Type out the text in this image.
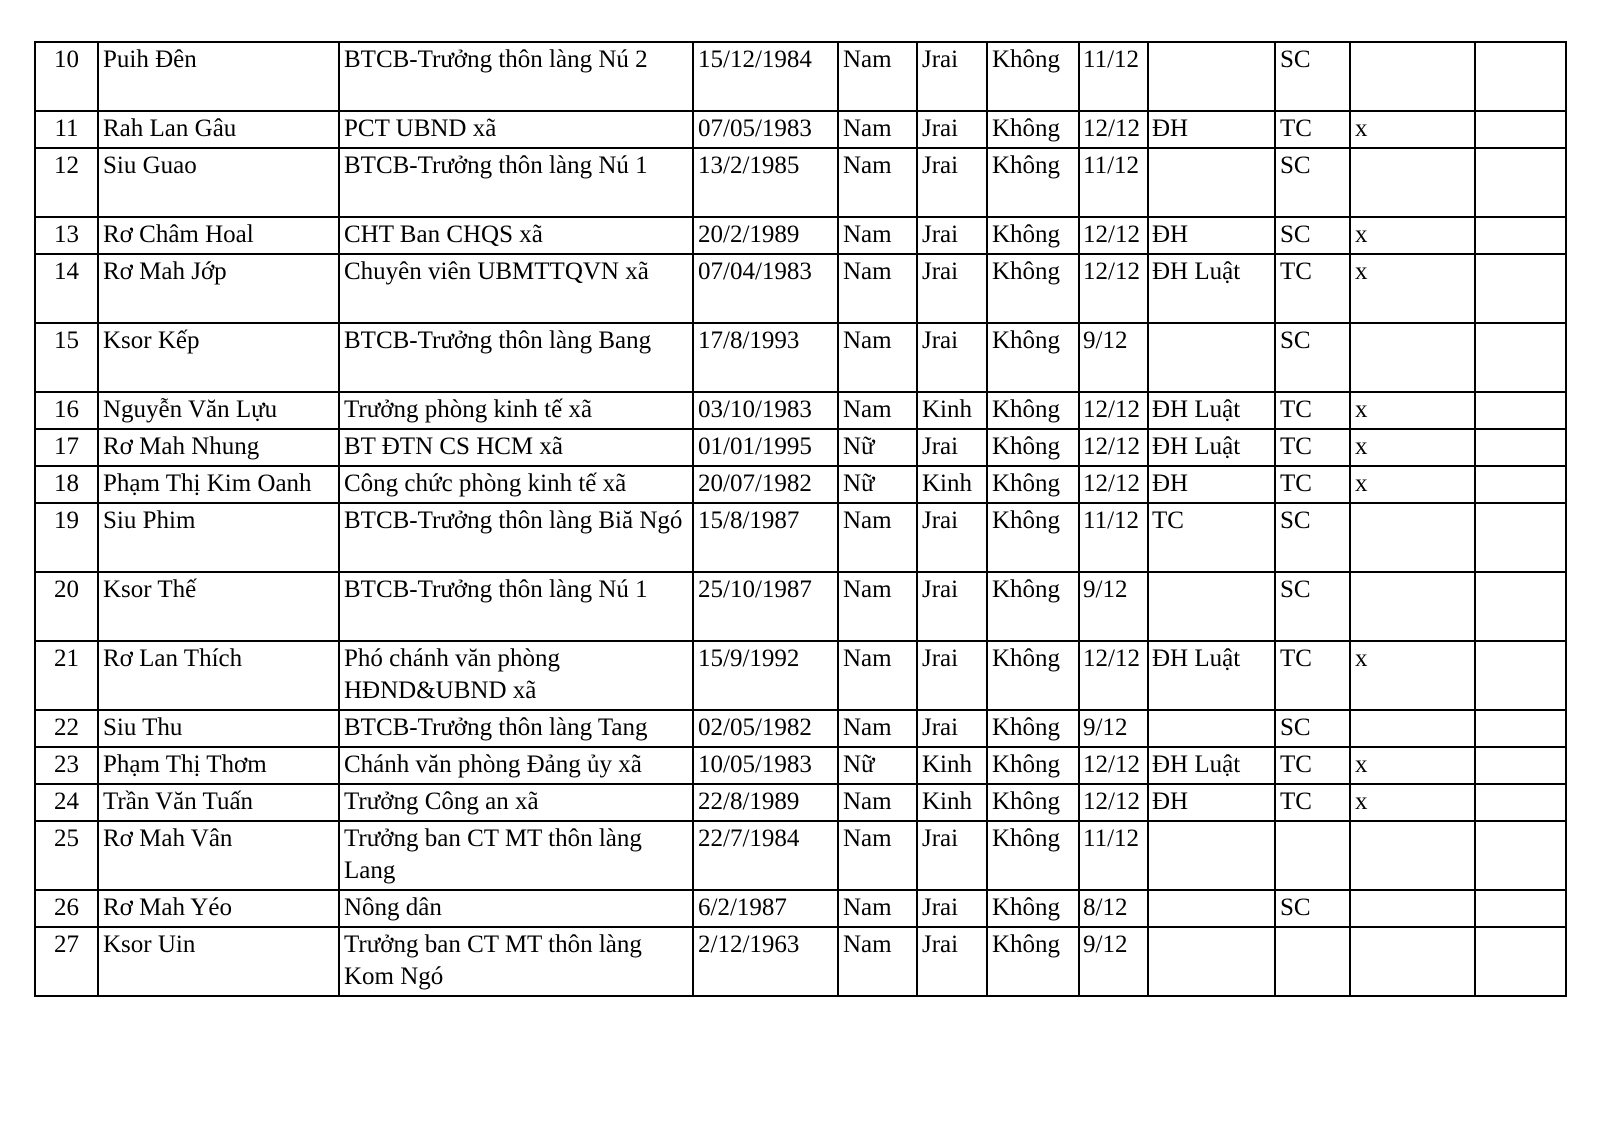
10	Puih Đên	BTCB-Trưởng thôn làng Nú 2	15/12/1984	Nam	Jrai	Không	11/12		SC		
11	Rah Lan Gâu	PCT UBND xã	07/05/1983	Nam	Jrai	Không	12/12	ĐH	TC	x	
12	Siu Guao	BTCB-Trưởng thôn làng Nú 1	13/2/1985	Nam	Jrai	Không	11/12		SC		
13	Rơ Châm Hoal	CHT Ban CHQS xã	20/2/1989	Nam	Jrai	Không	12/12	ĐH	SC	x	
14	Rơ Mah Jớp	Chuyên viên UBMTTQVN xã	07/04/1983	Nam	Jrai	Không	12/12	ĐH Luật	TC	x	
15	Ksor Kếp	BTCB-Trưởng thôn làng Bang	17/8/1993	Nam	Jrai	Không	9/12		SC		
16	Nguyễn Văn Lựu	Trưởng phòng kinh tế xã	03/10/1983	Nam	Kinh	Không	12/12	ĐH Luật	TC	x	
17	Rơ Mah Nhung	BT ĐTN CS HCM xã	01/01/1995	Nữ	Jrai	Không	12/12	ĐH Luật	TC	x	
18	Phạm Thị Kim Oanh	Công chức phòng kinh tế xã	20/07/1982	Nữ	Kinh	Không	12/12	ĐH	TC	x	
19	Siu Phim	BTCB-Trưởng thôn làng Biă Ngó	15/8/1987	Nam	Jrai	Không	11/12	TC	SC		
20	Ksor Thế	BTCB-Trưởng thôn làng Nú 1	25/10/1987	Nam	Jrai	Không	9/12		SC		
21	Rơ Lan Thích	Phó chánh văn phòng HĐND&UBND xã	15/9/1992	Nam	Jrai	Không	12/12	ĐH Luật	TC	x	
22	Siu Thu	BTCB-Trưởng thôn làng Tang	02/05/1982	Nam	Jrai	Không	9/12		SC		
23	Phạm Thị Thơm	Chánh văn phòng Đảng ủy xã	10/05/1983	Nữ	Kinh	Không	12/12	ĐH Luật	TC	x	
24	Trần Văn Tuấn	Trưởng Công an xã	22/8/1989	Nam	Kinh	Không	12/12	ĐH	TC	x	
25	Rơ Mah Vân	Trưởng ban CT MT thôn làng Lang	22/7/1984	Nam	Jrai	Không	11/12				
26	Rơ Mah Yéo	Nông dân	6/2/1987	Nam	Jrai	Không	8/12		SC		
27	Ksor Uin	Trưởng ban CT MT thôn làng Kom Ngó	2/12/1963	Nam	Jrai	Không	9/12				
